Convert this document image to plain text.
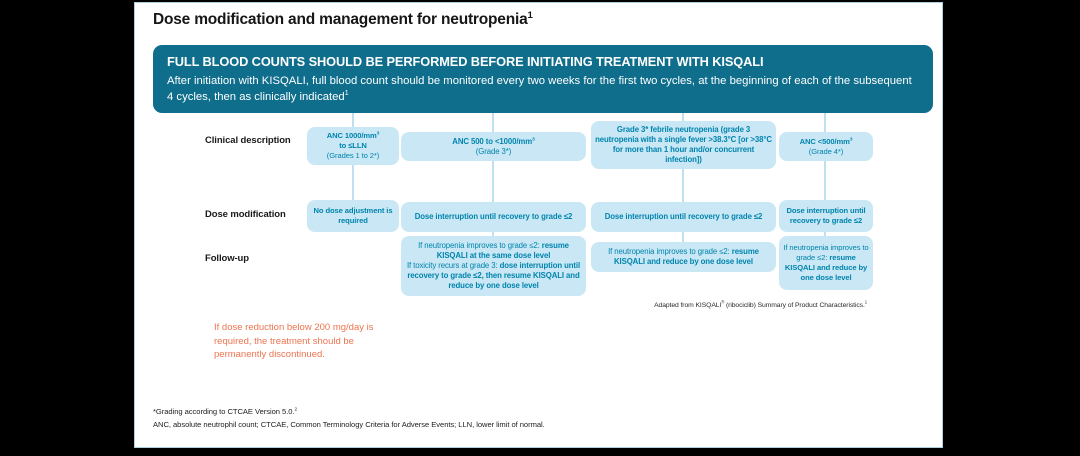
Dose modification and management for neutropenia$^1$
FULL BLOOD COUNTS SHOULD BE PERFORMED BEFORE INITIATING TREATMENT WITH KISQALI
After initiation with KISQALI, full blood count should be monitored every two weeks for the first two cycles, at the beginning of each of the subsequent 4 cycles, then as clinically indicated$^1$
Clinical description
Dose modification
Follow-up
ANC $1000/mm^3$
to ≤LLN
(Grades 1 to 2*)
ANC 500 to $<1000/mm^3$
(Grade 3*)
Grade 3* febrile neutropenia (grade 3 neutropenia with a single fever >38.3°C [or >38°C for more than 1 hour and/or concurrent infection])
ANC $<500/mm^3$
(Grade 4*)
No dose adjustment is required	Dose interruption until recovery to grade ≤2	Dose interruption until recovery to grade ≤2
Dose interruption until
recovery to grade ≤2
If neutropenia improves to grade ≤2: resume KISQALI at the same dose level
If toxicity recurs at grade 3: dose interruption until recovery to grade ≤2, then resume KISQALI and reduce by one dose level
If neutropenia improves to grade ≤2: resume KISQALI and reduce by one dose level
If neutropenia improves to grade ≤2: resume KISQALI and reduce by one dose level
If dose reduction below 200 mg/day is required, the treatment should be permanently discontinued.
Adapted from KISQALI® (ribociclib) Summary of Product Characteristics.$^1$
*Grading according to CTCAE Version 5.0.$^2$
ANC, absolute neutrophil count; CTCAE, Common Terminology Criteria for Adverse Events; LLN, lower limit of normal.
